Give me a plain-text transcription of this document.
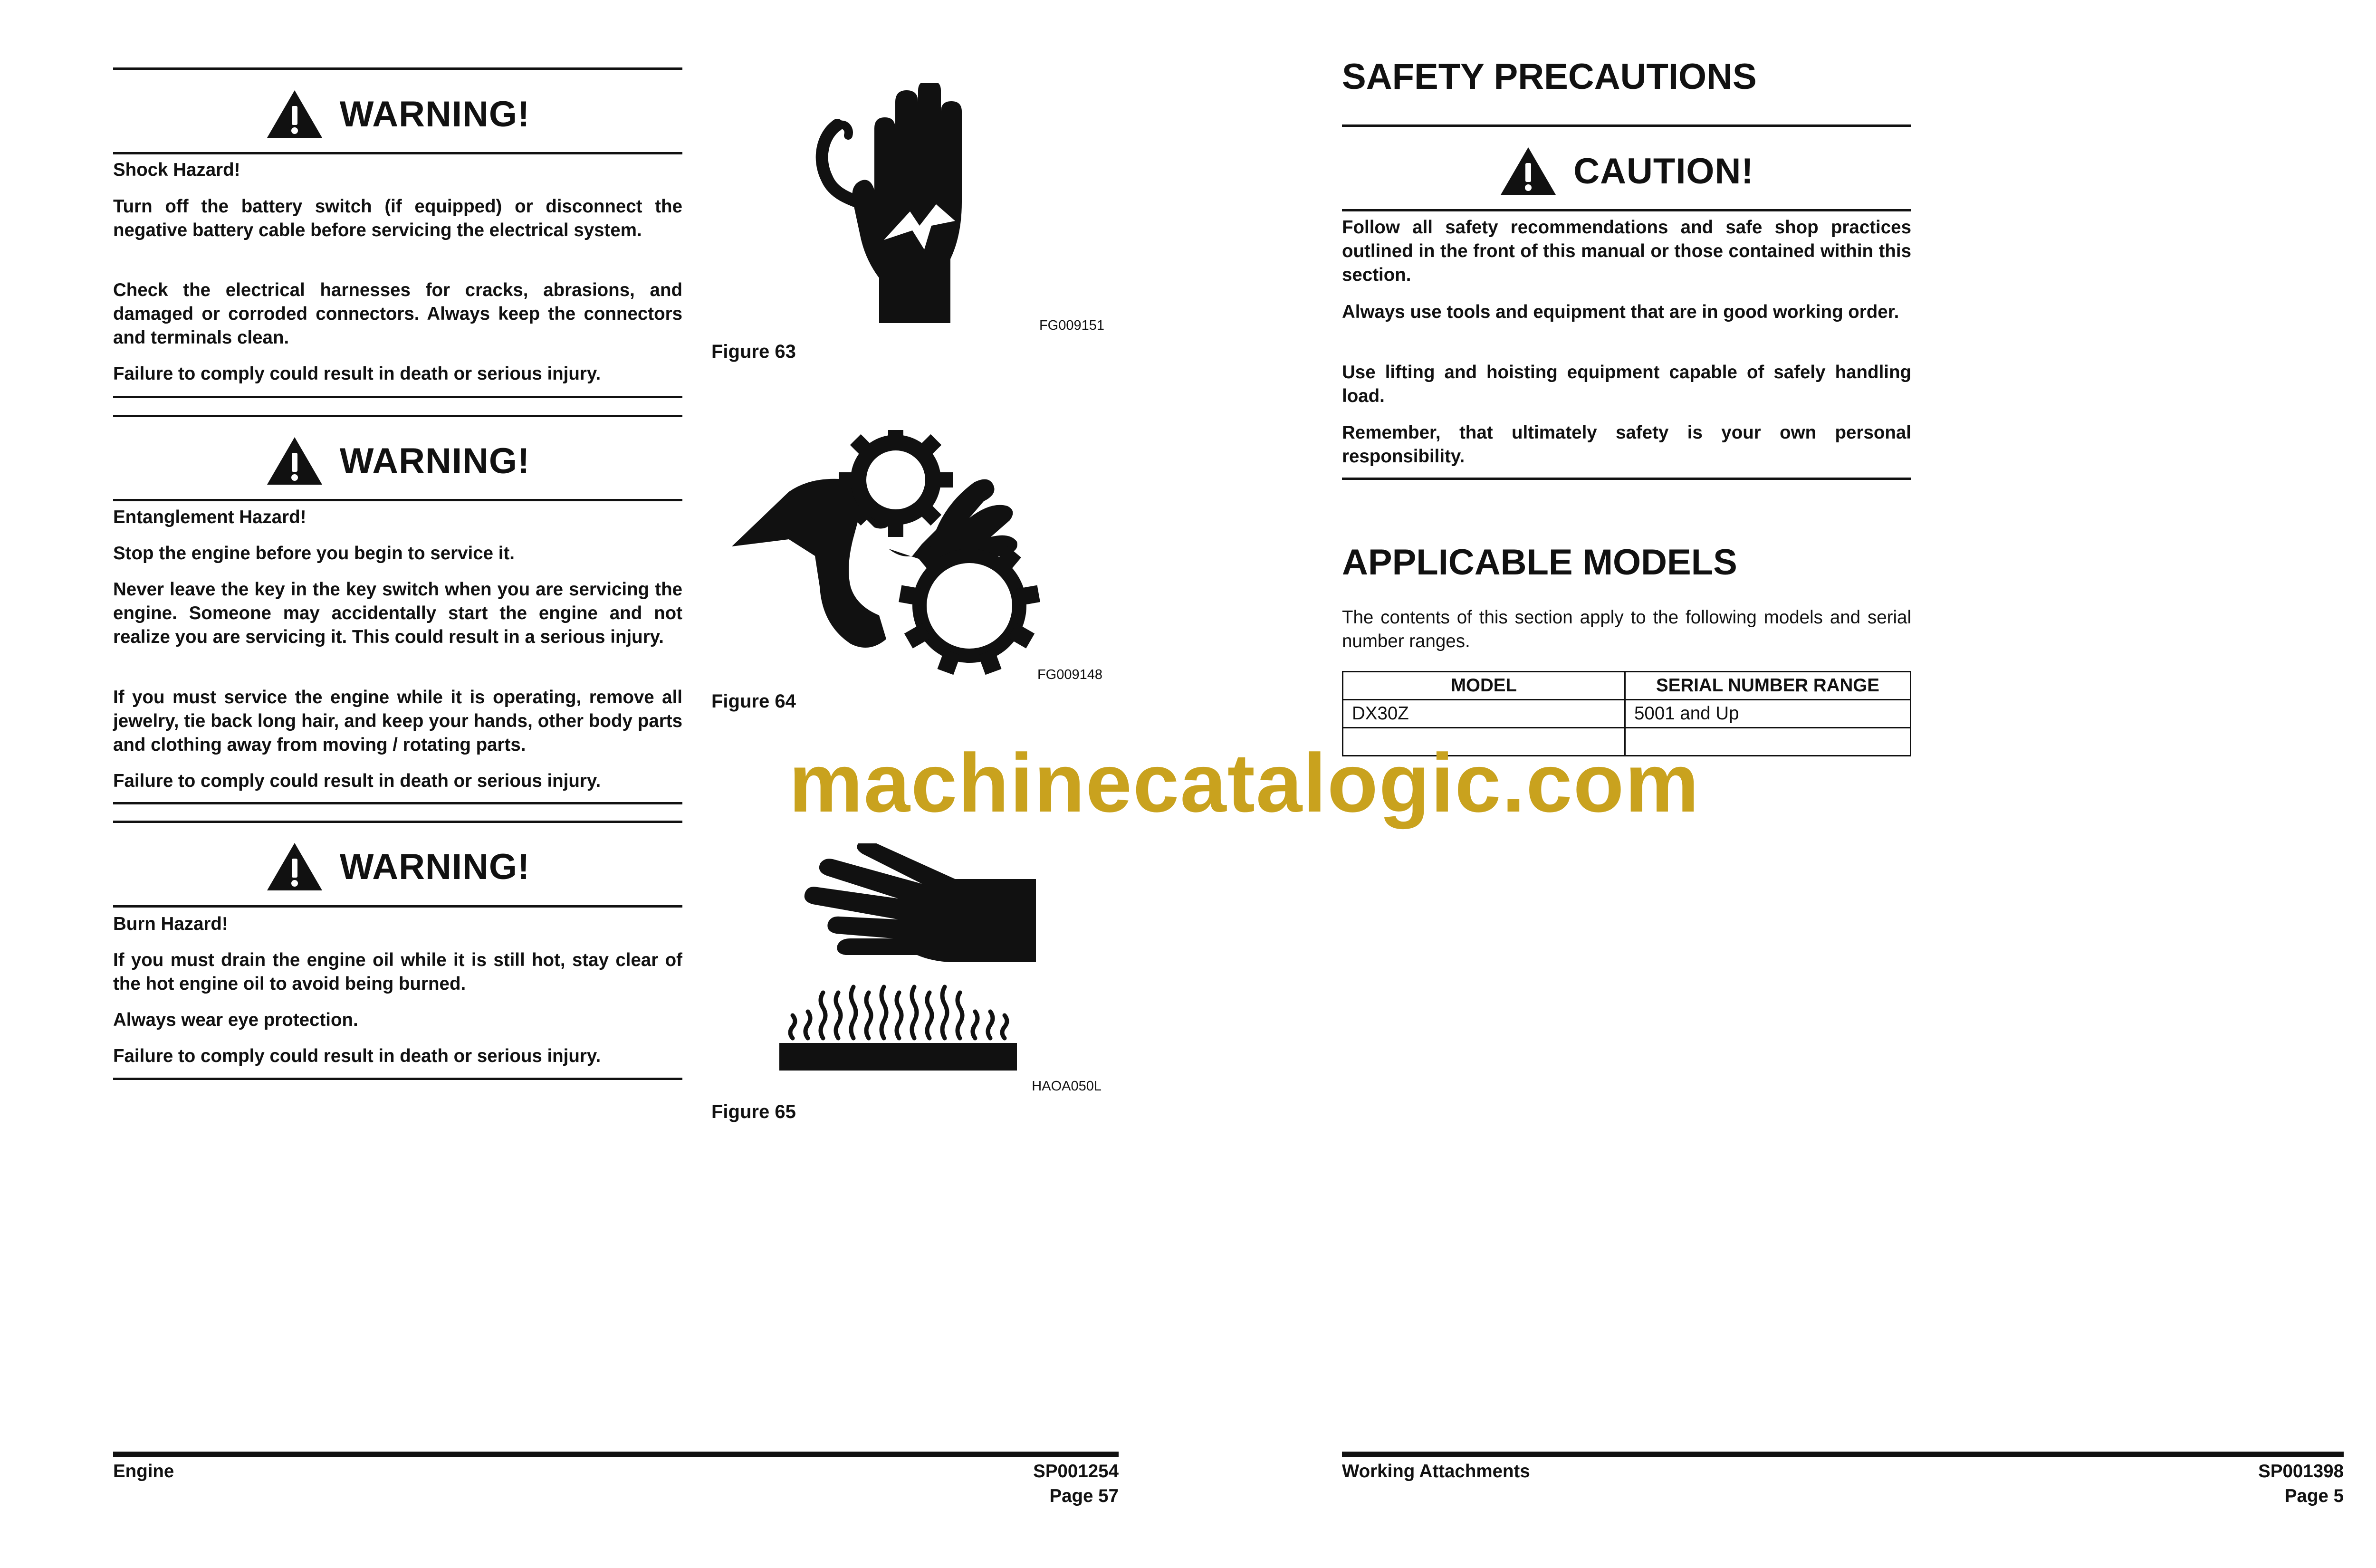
WARNING!

Shock Hazard!

Turn off the battery switch (if equipped) or disconnect the negative battery cable before servicing the electrical system.

Check the electrical harnesses for cracks, abrasions, and damaged or corroded connectors. Always keep the connectors and terminals clean.

Failure to comply could result in death or serious injury.

WARNING!

Entanglement Hazard!

Stop the engine before you begin to service it.

Never leave the key in the key switch when you are servicing the engine. Someone may accidentally start the engine and not realize you are servicing it. This could result in a serious injury.

If you must service the engine while it is operating, remove all jewelry, tie back long hair, and keep your hands, other body parts and clothing away from moving / rotating parts.

Failure to comply could result in death or serious injury.

WARNING!

Burn Hazard!

If you must drain the engine oil while it is still hot, stay clear of the hot engine oil to avoid being burned.

Always wear eye protection.

Failure to comply could result in death or serious injury.

FG009151
Figure 63
FG009148
Figure 64
HAOA050L
Figure 65
Engine	SP001254
Page 57
SAFETY PRECAUTIONS
CAUTION!

Follow all safety recommendations and safe shop practices outlined in the front of this manual or those contained within this section.

Always use tools and equipment that are in good working order.

Use lifting and hoisting equipment capable of safely handling load.

Remember, that ultimately safety is your own personal responsibility.

APPLICABLE MODELS

The contents of this section apply to the following models and serial number ranges.

MODEL	SERIAL NUMBER RANGE
DX30Z	5001 and Up

Working Attachments	SP001398
Page 5
machinecatalogic.com
